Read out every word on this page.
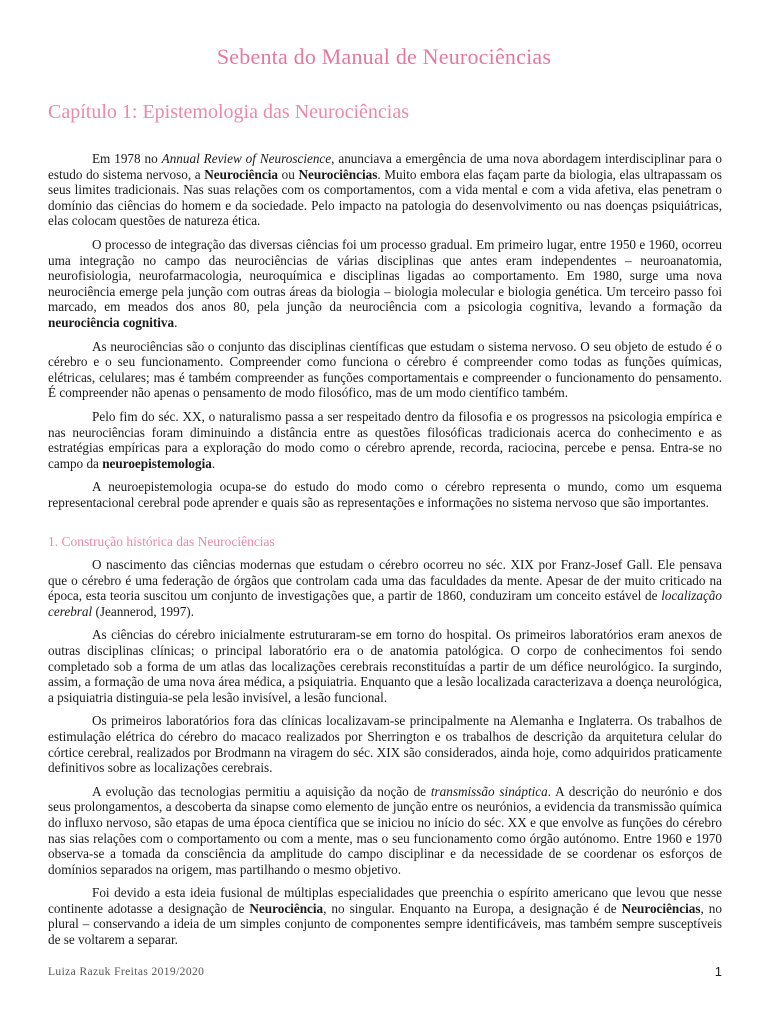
Sebenta do Manual de Neurociências
Capítulo 1: Epistemologia das Neurociências

Em 1978 no Annual Review of Neuroscience, anunciava a emergência de uma nova abordagem interdisciplinar para o estudo do sistema nervoso, a Neurociência ou Neurociências. Muito embora elas façam parte da biologia, elas ultrapassam os seus limites tradicionais. Nas suas relações com os comportamentos, com a vida mental e com a vida afetiva, elas penetram o domínio das ciências do homem e da sociedade. Pelo impacto na patologia do desenvolvimento ou nas doenças psiquiátricas, elas colocam questões de natureza ética.

O processo de integração das diversas ciências foi um processo gradual. Em primeiro lugar, entre 1950 e 1960, ocorreu uma integração no campo das neurociências de várias disciplinas que antes eram independentes – neuroanatomia, neurofisiologia, neurofarmacologia, neuroquímica e disciplinas ligadas ao comportamento. Em 1980, surge uma nova neurociência emerge pela junção com outras áreas da biologia – biologia molecular e biologia genética. Um terceiro passo foi marcado, em meados dos anos 80, pela junção da neurociência com a psicologia cognitiva, levando a formação da neurociência cognitiva.

As neurociências são o conjunto das disciplinas científicas que estudam o sistema nervoso. O seu objeto de estudo é o cérebro e o seu funcionamento. Compreender como funciona o cérebro é compreender como todas as funções químicas, elétricas, celulares; mas é também compreender as funções comportamentais e compreender o funcionamento do pensamento. É compreender não apenas o pensamento de modo filosófico, mas de um modo científico também.

Pelo fim do séc. XX, o naturalismo passa a ser respeitado dentro da filosofia e os progressos na psicologia empírica e nas neurociências foram diminuindo a distância entre as questões filosóficas tradicionais acerca do conhecimento e as estratégias empíricas para a exploração do modo como o cérebro aprende, recorda, raciocina, percebe e pensa. Entra-se no campo da neuroepistemologia.

A neuroepistemologia ocupa-se do estudo do modo como o cérebro representa o mundo, como um esquema representacional cerebral pode aprender e quais são as representações e informações no sistema nervoso que são importantes.

1. Construção histórica das Neurociências

O nascimento das ciências modernas que estudam o cérebro ocorreu no séc. XIX por Franz-Josef Gall. Ele pensava que o cérebro é uma federação de órgãos que controlam cada uma das faculdades da mente. Apesar de der muito criticado na época, esta teoria suscitou um conjunto de investigações que, a partir de 1860, conduziram um conceito estável de localização cerebral (Jeannerod, 1997).

As ciências do cérebro inicialmente estruturaram-se em torno do hospital. Os primeiros laboratórios eram anexos de outras disciplinas clínicas; o principal laboratório era o de anatomia patológica. O corpo de conhecimentos foi sendo completado sob a forma de um atlas das localizações cerebrais reconstituídas a partir de um défice neurológico. Ia surgindo, assim, a formação de uma nova área médica, a psiquiatria. Enquanto que a lesão localizada caracterizava a doença neurológica, a psiquiatria distinguia-se pela lesão invisível, a lesão funcional.

Os primeiros laboratórios fora das clínicas localizavam-se principalmente na Alemanha e Inglaterra. Os trabalhos de estimulação elétrica do cérebro do macaco realizados por Sherrington e os trabalhos de descrição da arquitetura celular do córtice cerebral, realizados por Brodmann na viragem do séc. XIX são considerados, ainda hoje, como adquiridos praticamente definitivos sobre as localizações cerebrais.

A evolução das tecnologias permitiu a aquisição da noção de transmissão sináptica. A descrição do neurónio e dos seus prolongamentos, a descoberta da sinapse como elemento de junção entre os neurónios, a evidencia da transmissão química do influxo nervoso, são etapas de uma época científica que se iniciou no início do séc. XX e que envolve as funções do cérebro nas sias relações com o comportamento ou com a mente, mas o seu funcionamento como órgão autónomo. Entre 1960 e 1970 observa-se a tomada da consciência da amplitude do campo disciplinar e da necessidade de se coordenar os esforços de domínios separados na origem, mas partilhando o mesmo objetivo.

Foi devido a esta ideia fusional de múltiplas especialidades que preenchia o espírito americano que levou que nesse continente adotasse a designação de Neurociência, no singular. Enquanto na Europa, a designação é de Neurociências, no plural – conservando a ideia de um simples conjunto de componentes sempre identificáveis, mas também sempre susceptíveis de se voltarem a separar.

Luiza Razuk Freitas 2019/2020	1
